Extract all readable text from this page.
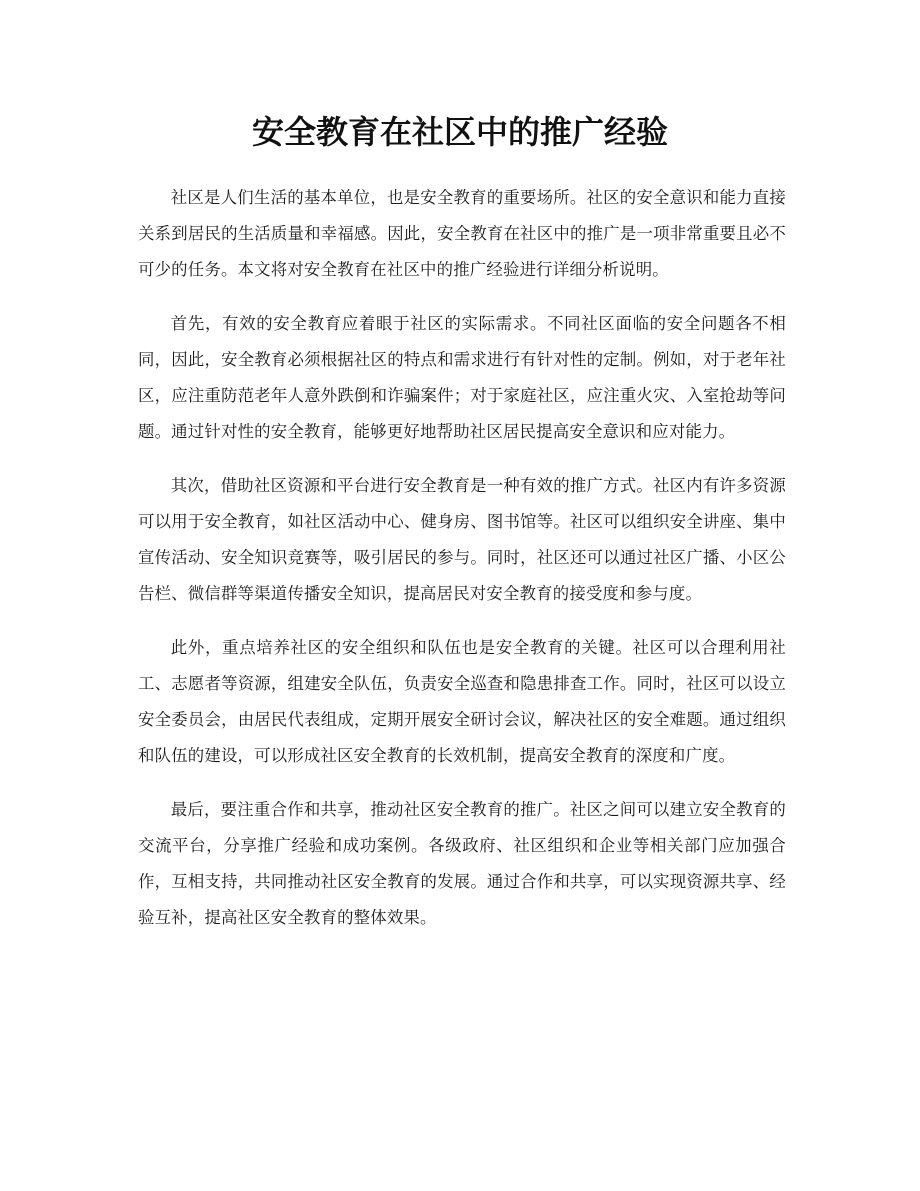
安全教育在社区中的推广经验

社区是人们生活的基本单位，也是安全教育的重要场所。社区的安全意识和能力直接关系到居民的生活质量和幸福感。因此，安全教育在社区中的推广是一项非常重要且必不可少的任务。本文将对安全教育在社区中的推广经验进行详细分析说明。

首先，有效的安全教育应着眼于社区的实际需求。不同社区面临的安全问题各不相同，因此，安全教育必须根据社区的特点和需求进行有针对性的定制。例如，对于老年社区，应注重防范老年人意外跌倒和诈骗案件；对于家庭社区，应注重火灾、入室抢劫等问题。通过针对性的安全教育，能够更好地帮助社区居民提高安全意识和应对能力。

其次，借助社区资源和平台进行安全教育是一种有效的推广方式。社区内有许多资源可以用于安全教育，如社区活动中心、健身房、图书馆等。社区可以组织安全讲座、集中宣传活动、安全知识竞赛等，吸引居民的参与。同时，社区还可以通过社区广播、小区公告栏、微信群等渠道传播安全知识，提高居民对安全教育的接受度和参与度。

此外，重点培养社区的安全组织和队伍也是安全教育的关键。社区可以合理利用社工、志愿者等资源，组建安全队伍，负责安全巡查和隐患排查工作。同时，社区可以设立安全委员会，由居民代表组成，定期开展安全研讨会议，解决社区的安全难题。通过组织和队伍的建设，可以形成社区安全教育的长效机制，提高安全教育的深度和广度。

最后，要注重合作和共享，推动社区安全教育的推广。社区之间可以建立安全教育的交流平台，分享推广经验和成功案例。各级政府、社区组织和企业等相关部门应加强合作，互相支持，共同推动社区安全教育的发展。通过合作和共享，可以实现资源共享、经验互补，提高社区安全教育的整体效果。
